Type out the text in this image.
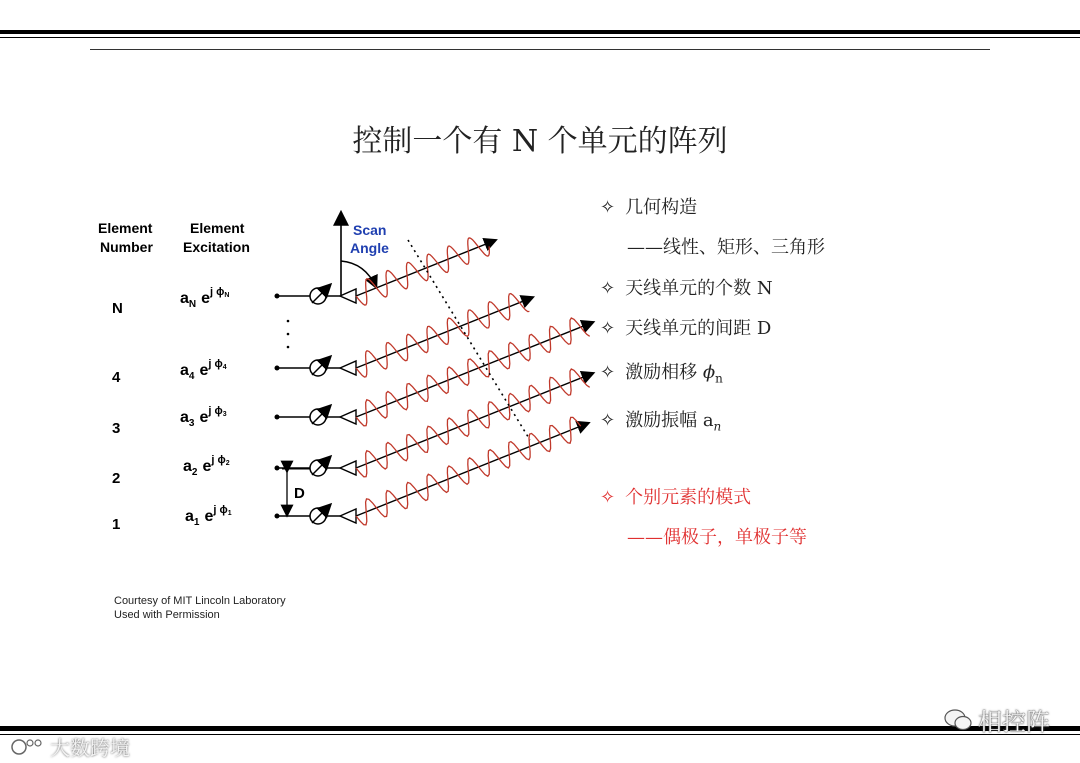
控制一个有 N 个单元的阵列
Element
Number
Element
Excitation
Scan
Angle
N
4
3
2
1
$a_N$ $e^{j \phi}N$
$a_4$ $e^{j \phi}4$
$a_3$ $e^{j \phi}3$
$a_2$ $e^{j \phi}2$
$a_1$ $e^{j \phi}1$
D
Courtesy of MIT Lincoln Laboratory
Used with Permission
✧ 几何构造
——线性、矩形、三角形
✧ 天线单元的个数 N
✧ 天线单元的间距 D
✧ 激励相移 $\phi_n$
✧ 激励振幅 $a_n$
✧ 个别元素的模式
——偶极子，单极子等
相控阵
大数跨境
